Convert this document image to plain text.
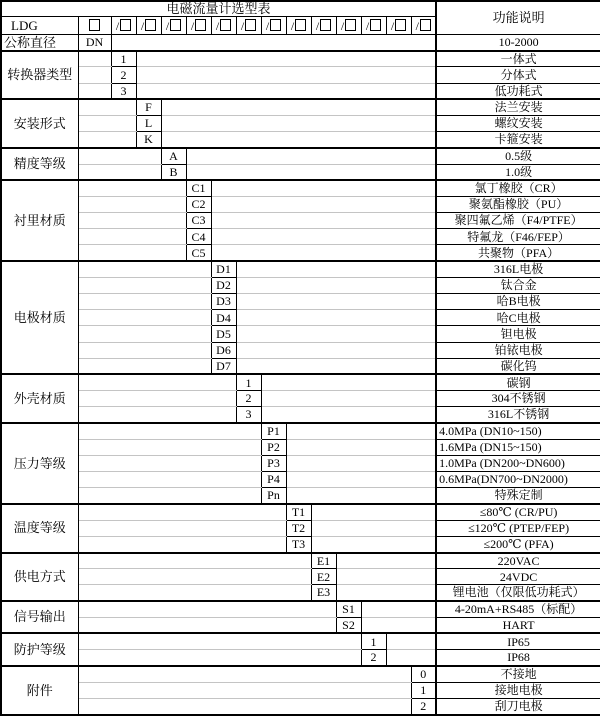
电磁流量计选型表															功能说明
LDG		/	/	/	/	/	/	/	/	/	/	/	/	/	
公称直径	DN														10-2000
转换器类型		1													一体式
		2													分体式
		3													低功耗式
安装形式			F												法兰安装
			L												螺纹安装
			K												卡箍安装
精度等级				A											0.5级
				B											1.0级
衬里材质					C1										氯丁橡胶（CR）
					C2										聚氨酯橡胶（PU）
					C3										聚四氟乙烯（F4/PTFE）
					C4										特氟龙（F46/FEP）
					C5										共聚物（PFA）
电极材质						D1									316L电极
						D2									钛合金
						D3									哈B电极
						D4									哈C电极
						D5									钽电极
						D6									铂铱电极
						D7									碳化钨
外壳材质							1								碳钢
							2								304不锈钢
							3								316L不锈钢
压力等级								P1							4.0MPa (DN10~150)
								P2							1.6MPa (DN15~150)
								P3							1.0MPa (DN200~DN600)
								P4							0.6MPa(DN700~DN2000)
								Pn							特殊定制
温度等级									T1						≤80℃ (CR/PU)
									T2						≤120℃ (PTEP/FEP)
									T3						≤200℃ (PFA)
供电方式										E1					220VAC
										E2					24VDC
										E3					锂电池（仅限低功耗式）
信号输出											S1				4-20mA+RS485（标配）
											S2				HART
防护等级												1			IP65
												2			IP68
附件														0	不接地
														1	接地电极
														2	刮刀电极
